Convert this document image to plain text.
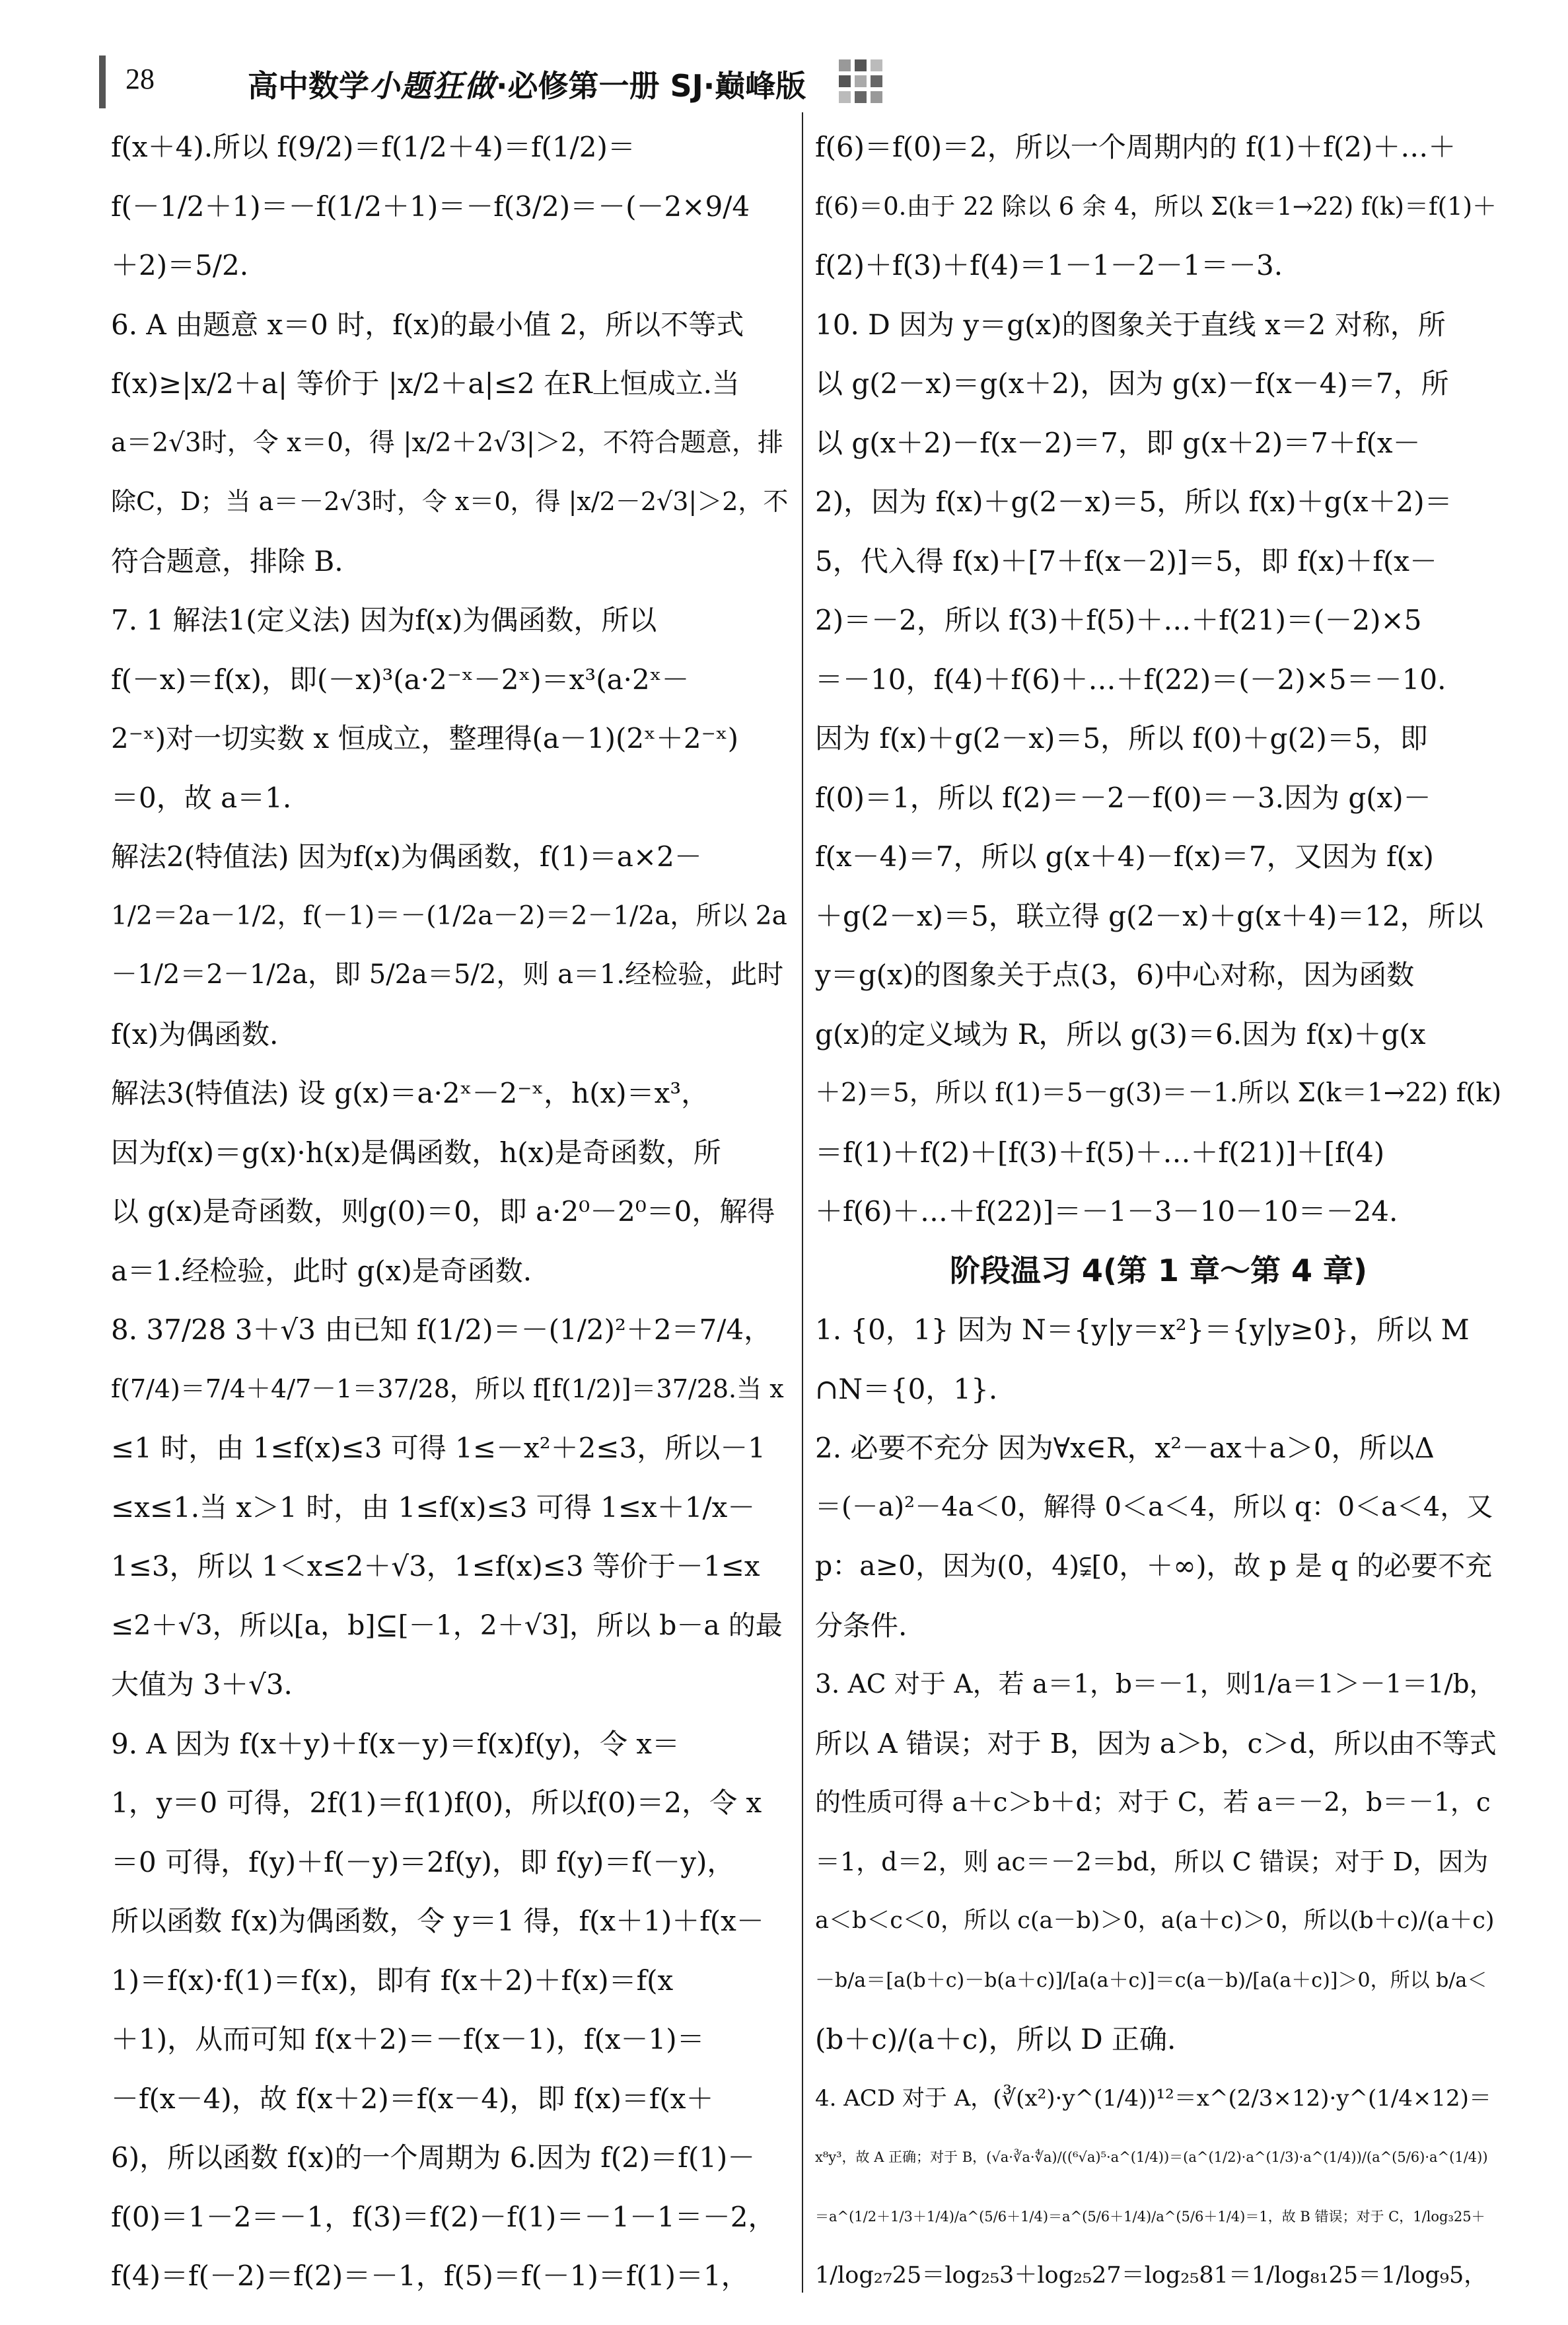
28	高中数学小题狂做·必修第一册 SJ·巅峰版

f(x＋4).所以 f(9/2)＝f(1/2＋4)＝f(1/2)＝

f(－1/2＋1)＝－f(1/2＋1)＝－f(3/2)＝－(－2×9/4

＋2)＝5/2.

6. A 由题意 x＝0 时，f(x)的最小值 2，所以不等式

f(x)≥|x/2＋a| 等价于 |x/2＋a|≤2 在R上恒成立.当

a＝2√3时，令 x＝0，得 |x/2＋2√3|＞2，不符合题意，排

除C，D；当 a＝－2√3时，令 x＝0，得 |x/2－2√3|＞2，不

符合题意，排除 B.

7. 1 解法1(定义法) 因为f(x)为偶函数，所以

f(－x)＝f(x)，即(－x)³(a·2⁻ˣ－2ˣ)＝x³(a·2ˣ－

2⁻ˣ)对一切实数 x 恒成立，整理得(a－1)(2ˣ＋2⁻ˣ)

＝0，故 a＝1.

解法2(特值法) 因为f(x)为偶函数，f(1)＝a×2－

1/2＝2a－1/2，f(－1)＝－(1/2a－2)＝2－1/2a，所以 2a

－1/2＝2－1/2a，即 5/2a＝5/2，则 a＝1.经检验，此时

f(x)为偶函数.

解法3(特值法) 设 g(x)＝a·2ˣ－2⁻ˣ，h(x)＝x³，

因为f(x)＝g(x)·h(x)是偶函数，h(x)是奇函数，所

以 g(x)是奇函数，则g(0)＝0，即 a·2⁰－2⁰＝0，解得

a＝1.经检验，此时 g(x)是奇函数.

8. 37/28 3＋√3 由已知 f(1/2)＝－(1/2)²＋2＝7/4，

f(7/4)＝7/4＋4/7－1＝37/28，所以 f[f(1/2)]＝37/28.当 x

≤1 时，由 1≤f(x)≤3 可得 1≤－x²＋2≤3，所以－1

≤x≤1.当 x＞1 时，由 1≤f(x)≤3 可得 1≤x＋1/x－

1≤3，所以 1＜x≤2＋√3，1≤f(x)≤3 等价于－1≤x

≤2＋√3，所以[a，b]⊆[－1，2＋√3]，所以 b－a 的最

大值为 3＋√3.

9. A 因为 f(x＋y)＋f(x－y)＝f(x)f(y)，令 x＝

1，y＝0 可得，2f(1)＝f(1)f(0)，所以f(0)＝2，令 x

＝0 可得，f(y)＋f(－y)＝2f(y)，即 f(y)＝f(－y)，

所以函数 f(x)为偶函数，令 y＝1 得，f(x＋1)＋f(x－

1)＝f(x)·f(1)＝f(x)，即有 f(x＋2)＋f(x)＝f(x

＋1)，从而可知 f(x＋2)＝－f(x－1)，f(x－1)＝

－f(x－4)，故 f(x＋2)＝f(x－4)，即 f(x)＝f(x＋

6)，所以函数 f(x)的一个周期为 6.因为 f(2)＝f(1)－

f(0)＝1－2＝－1，f(3)＝f(2)－f(1)＝－1－1＝－2，

f(4)＝f(－2)＝f(2)＝－1，f(5)＝f(－1)＝f(1)＝1，

f(6)＝f(0)＝2，所以一个周期内的 f(1)＋f(2)＋…＋

f(6)＝0.由于 22 除以 6 余 4，所以 Σ(k＝1→22) f(k)＝f(1)＋

f(2)＋f(3)＋f(4)＝1－1－2－1＝－3.

10. D 因为 y＝g(x)的图象关于直线 x＝2 对称，所

以 g(2－x)＝g(x＋2)，因为 g(x)－f(x－4)＝7，所

以 g(x＋2)－f(x－2)＝7，即 g(x＋2)＝7＋f(x－

2)，因为 f(x)＋g(2－x)＝5，所以 f(x)＋g(x＋2)＝

5，代入得 f(x)＋[7＋f(x－2)]＝5，即 f(x)＋f(x－

2)＝－2，所以 f(3)＋f(5)＋…＋f(21)＝(－2)×5

＝－10，f(4)＋f(6)＋…＋f(22)＝(－2)×5＝－10.

因为 f(x)＋g(2－x)＝5，所以 f(0)＋g(2)＝5，即

f(0)＝1，所以 f(2)＝－2－f(0)＝－3.因为 g(x)－

f(x－4)＝7，所以 g(x＋4)－f(x)＝7，又因为 f(x)

＋g(2－x)＝5，联立得 g(2－x)＋g(x＋4)＝12，所以

y＝g(x)的图象关于点(3，6)中心对称，因为函数

g(x)的定义域为 R，所以 g(3)＝6.因为 f(x)＋g(x

＋2)＝5，所以 f(1)＝5－g(3)＝－1.所以 Σ(k＝1→22) f(k)

＝f(1)＋f(2)＋[f(3)＋f(5)＋…＋f(21)]＋[f(4)

＋f(6)＋…＋f(22)]＝－1－3－10－10＝－24.

阶段温习 4(第 1 章～第 4 章)

1. {0，1} 因为 N＝{y|y＝x²}＝{y|y≥0}，所以 M

∩N＝{0，1}.

2. 必要不充分 因为∀x∈R，x²－ax＋a＞0，所以Δ

＝(－a)²－4a＜0，解得 0＜a＜4，所以 q：0＜a＜4，又

p：a≥0，因为(0，4)⫋[0，＋∞)，故 p 是 q 的必要不充

分条件.

3. AC 对于 A，若 a＝1，b＝－1，则1/a＝1＞－1＝1/b，

所以 A 错误；对于 B，因为 a＞b，c＞d，所以由不等式

的性质可得 a＋c＞b＋d；对于 C，若 a＝－2，b＝－1，c

＝1，d＝2，则 ac＝－2＝bd，所以 C 错误；对于 D，因为

a＜b＜c＜0，所以 c(a－b)＞0，a(a＋c)＞0，所以(b＋c)/(a＋c)

－b/a＝[a(b＋c)－b(a＋c)]/[a(a＋c)]＝c(a－b)/[a(a＋c)]＞0，所以 b/a＜

(b＋c)/(a＋c)，所以 D 正确.

4. ACD 对于 A，(∛(x²)·y^(1/4))¹²＝x^(2/3×12)·y^(1/4×12)＝

x⁸y³，故 A 正确；对于 B，(√a·∛a·∜a)/((⁶√a)⁵·a^(1/4))＝(a^(1/2)·a^(1/3)·a^(1/4))/(a^(5/6)·a^(1/4))

＝a^(1/2＋1/3＋1/4)/a^(5/6＋1/4)＝a^(5/6＋1/4)/a^(5/6＋1/4)＝1，故 B 错误；对于 C，1/log₃25＋

1/log₂₇25＝log₂₅3＋log₂₅27＝log₂₅81＝1/log₈₁25＝1/log₉5，
